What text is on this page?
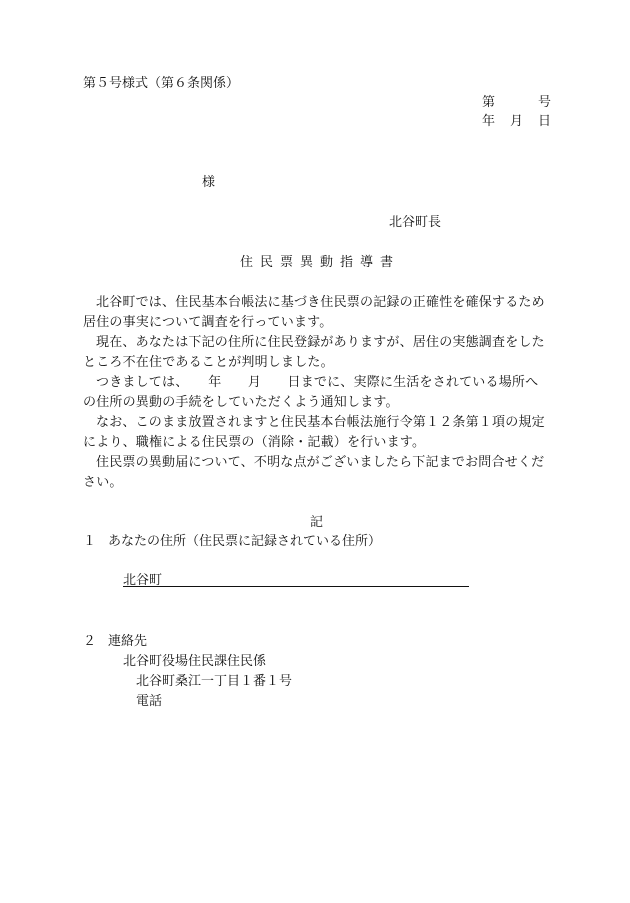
第５号様式（第６条関係）
第	号
年 月 日
様
北谷町長
住民票異動指導書

北谷町では、住民基本台帳法に基づき住民票の記録の正確性を確保するため居住の事実について調査を行っています。

現在、あなたは下記の住所に住民登録がありますが、居住の実態調査をしたところ不在住であることが判明しました。

つきましては、　　年　　月　　日までに、実際に生活をされている場所への住所の異動の手続をしていただくよう通知します。

なお、このまま放置されますと住民基本台帳法施行令第１２条第１項の規定により、職権による住民票の（消除・記載）を行います。

住民票の異動届について、不明な点がございましたら下記までお問合せください。

記
１ あなたの住所（住民票に記録されている住所）
北谷町
２ 連絡先
北谷町役場住民課住民係
北谷町桑江一丁目１番１号
電話
